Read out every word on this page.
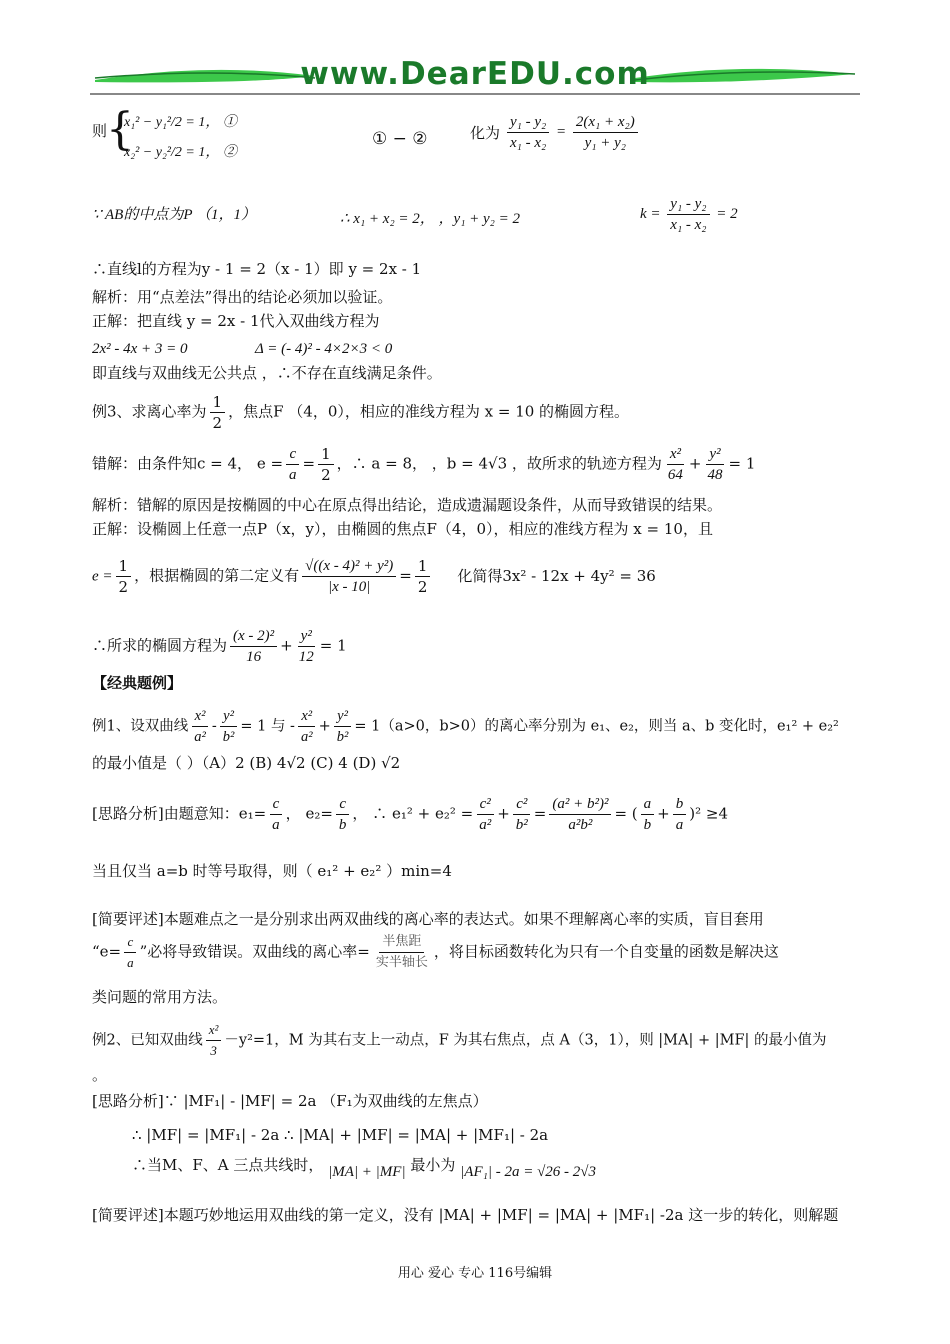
www.DearEDU.com
则
{
x₁² − y₁²/2 = 1， ①
x₂² − y₂²/2 = 1， ②
① − ②	化为 $\frac{\text{y₁ - y₂}}{\text{x₁ - x₂}} = \frac{\text{2(x₁ + x₂)}}{\text{y₁ + y₂}}$
∵ AB的中点为P （1，1）	∴ x₁ + x₂ = 2， ，y₁ + y₂ = 2	$k = \frac{\text{y₁ - y₂}}{\text{x₁ - x₂}} = 2$
∴直线l的方程为y - 1 = 2（x - 1）即 y = 2x - 1
解析：用“点差法”得出的结论必须加以验证。
正解：把直线 y = 2x - 1代入双曲线方程为
2x² - 4x + 3 = 0	Δ = (- 4)² - 4×2×3 < 0
即直线与双曲线无公共点 ，∴不存在直线满足条件。
例3、求离心率为 $\frac{1}{2}$ ，焦点F （4，0），相应的准线方程为 x = 10 的椭圆方程。
错解：由条件知c = 4， $e = \frac{c}{a} = \frac{1}{2}$ ，∴ a = 8， ，b = 4√3 ，故所求的轨迹方程为 $\frac{\text{x²}}{64} + \frac{\text{y²}}{48} = 1$
解析：错解的原因是按椭圆的中心在原点得出结论，造成遗漏题设条件，从而导致错误的结果。
正解：设椭圆上任意一点P（x，y），由椭圆的焦点F（4，0），相应的准线方程为 x = 10，且
$e = \frac{1}{2}$ ，根据椭圆的第二定义有 $\frac{\text{√((x - 4)² + y²)}}{|x - 10|} = \frac{1}{2}$ 化简得3x² - 12x + 4y² = 36
∴所求的椭圆方程为 $\frac{\text{(x - 2)²}}{16} + \frac{\text{y²}}{12} = 1$
【经典题例】
例1、设双曲线 $\frac{\text{x²}}{\text{a²}} - \frac{\text{y²}}{\text{b²}} = 1$ 与 - $\frac{\text{x²}}{\text{a²}} + \frac{\text{y²}}{\text{b²}} = 1(a>0$，b>0）的离心率分别为 e₁、e₂，则当 a、b 变化时，e₁² + e₂²
的最小值是（ ）（A）2 (B) 4√2 (C) 4 (D) √2
[思路分析]由题意知：$e_1= \frac{c}{a}$ ， $e_2= \frac{c}{b}$ ， ∴ $e_1^2 + e_2^2 = \frac{\text{c²}}{\text{a²}} + \frac{\text{c²}}{\text{b²}} = \frac{\text{(a² + b²)²}}{\text{a²b²}}$ = ( $\frac{a}{b} + \frac{b}{a} )^2 \ge 4$
当且仅当 a=b 时等号取得，则（ e₁² + e₂² ）min=4
[简要评述]本题难点之一是分别求出两双曲线的离心率的表达式。如果不理解离心率的实质，盲目套用
“$e= \frac{c}{a}$ ”必将导致错误。双曲线的离心率= $\frac{\text{半焦距}}{\text{实半轴长}}$ ，将目标函数转化为只有一个自变量的函数是解决这
类问题的常用方法。
例2、已知双曲线 $\frac{\text{x²}}{3} -y^2=1$，M 为其右支上一动点，F 为其右焦点，点 A（3，1），则 |MA| + |MF| 的最小值为
。
[思路分析]∵ |MF₁| - |MF| = 2a （F₁为双曲线的左焦点）
∴ |MF| = |MF₁| - 2a ∴ |MA| + |MF| = |MA| + |MF₁| - 2a
∴当M、F、A 三点共线时， |MA| + |MF| 最小为 |AF₁| - 2a = √26 - 2√3
[简要评述]本题巧妙地运用双曲线的第一定义，没有 |MA| + |MF| = |MA| + |MF₁| -2a 这一步的转化，则解题
用心 爱心 专心 116号编辑
